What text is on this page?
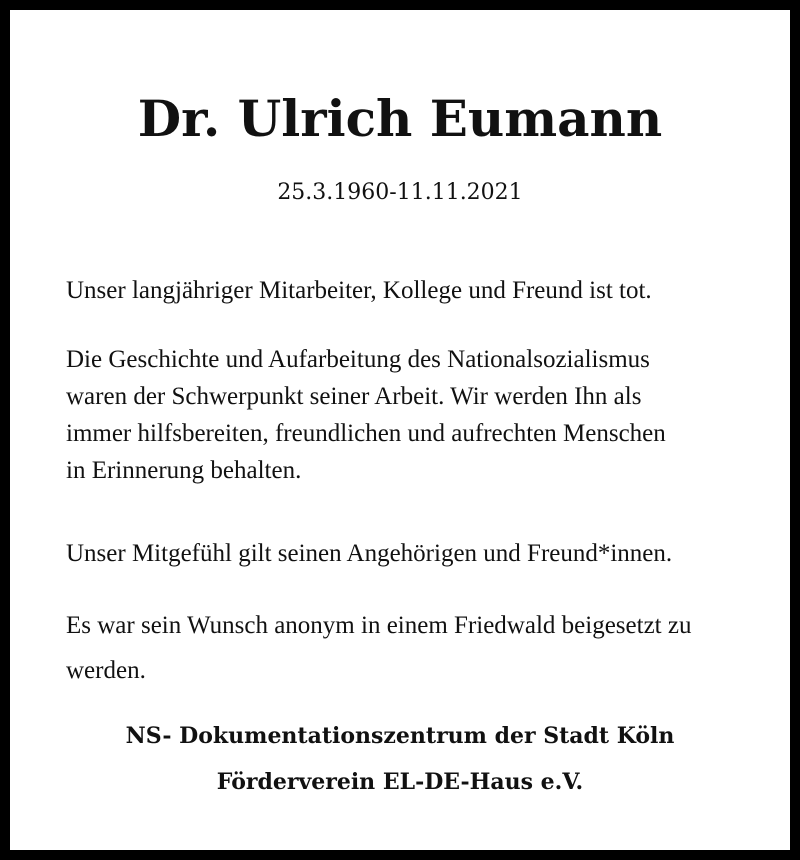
Dr. Ulrich Eumann

25.3.1960-11.11.2021

Unser langjähriger Mitarbeiter, Kollege und Freund ist tot.

Die Geschichte und Aufarbeitung des Nationalsozialismus
waren der Schwerpunkt seiner Arbeit. Wir werden Ihn als
immer hilfsbereiten, freundlichen und aufrechten Menschen
in Erinnerung behalten.

Unser Mitgefühl gilt seinen Angehörigen und Freund*innen.

Es war sein Wunsch anonym in einem Friedwald beigesetzt zu
werden.

NS- Dokumentationszentrum der Stadt Köln

Förderverein EL-DE-Haus e.V.
